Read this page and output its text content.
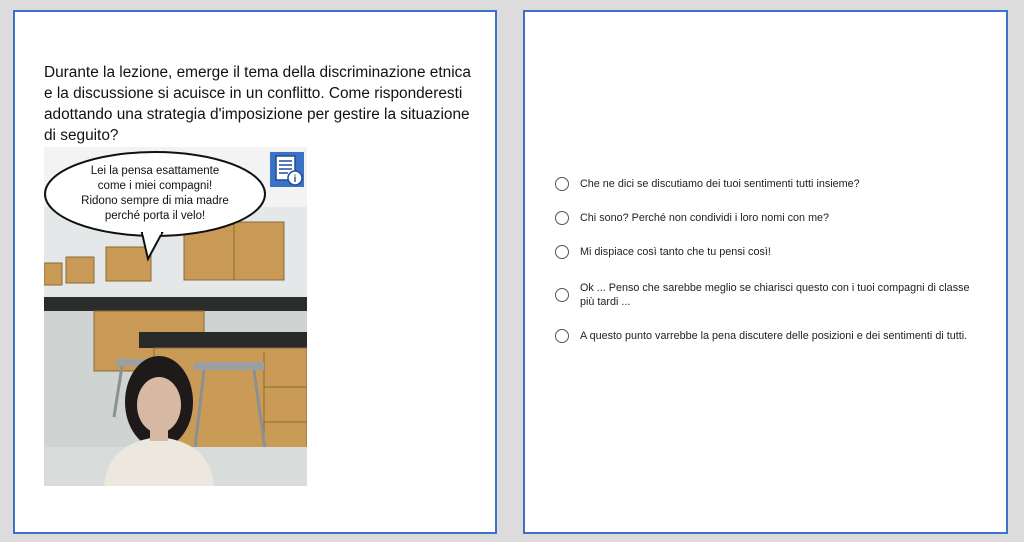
Durante la lezione, emerge il tema della discriminazione etnica e la discussione si acuisce in un conflitto. Come risponderesti adottando una strategia d'imposizione per gestire la situazione di seguito?
Lei la pensa esattamente
come i miei compagni!
Ridono sempre di mia madre
perché porta il velo!
i	Che ne dici se discutiamo dei tuoi sentimenti tutti insieme?
Chi sono? Perché non condividi i loro nomi con me?
Mi dispiace così tanto che tu pensi così!
Ok ... Penso che sarebbe meglio se chiarisci questo con i tuoi compagni di classe più tardi ...
A questo punto varrebbe la pena discutere delle posizioni e dei sentimenti di tutti.
